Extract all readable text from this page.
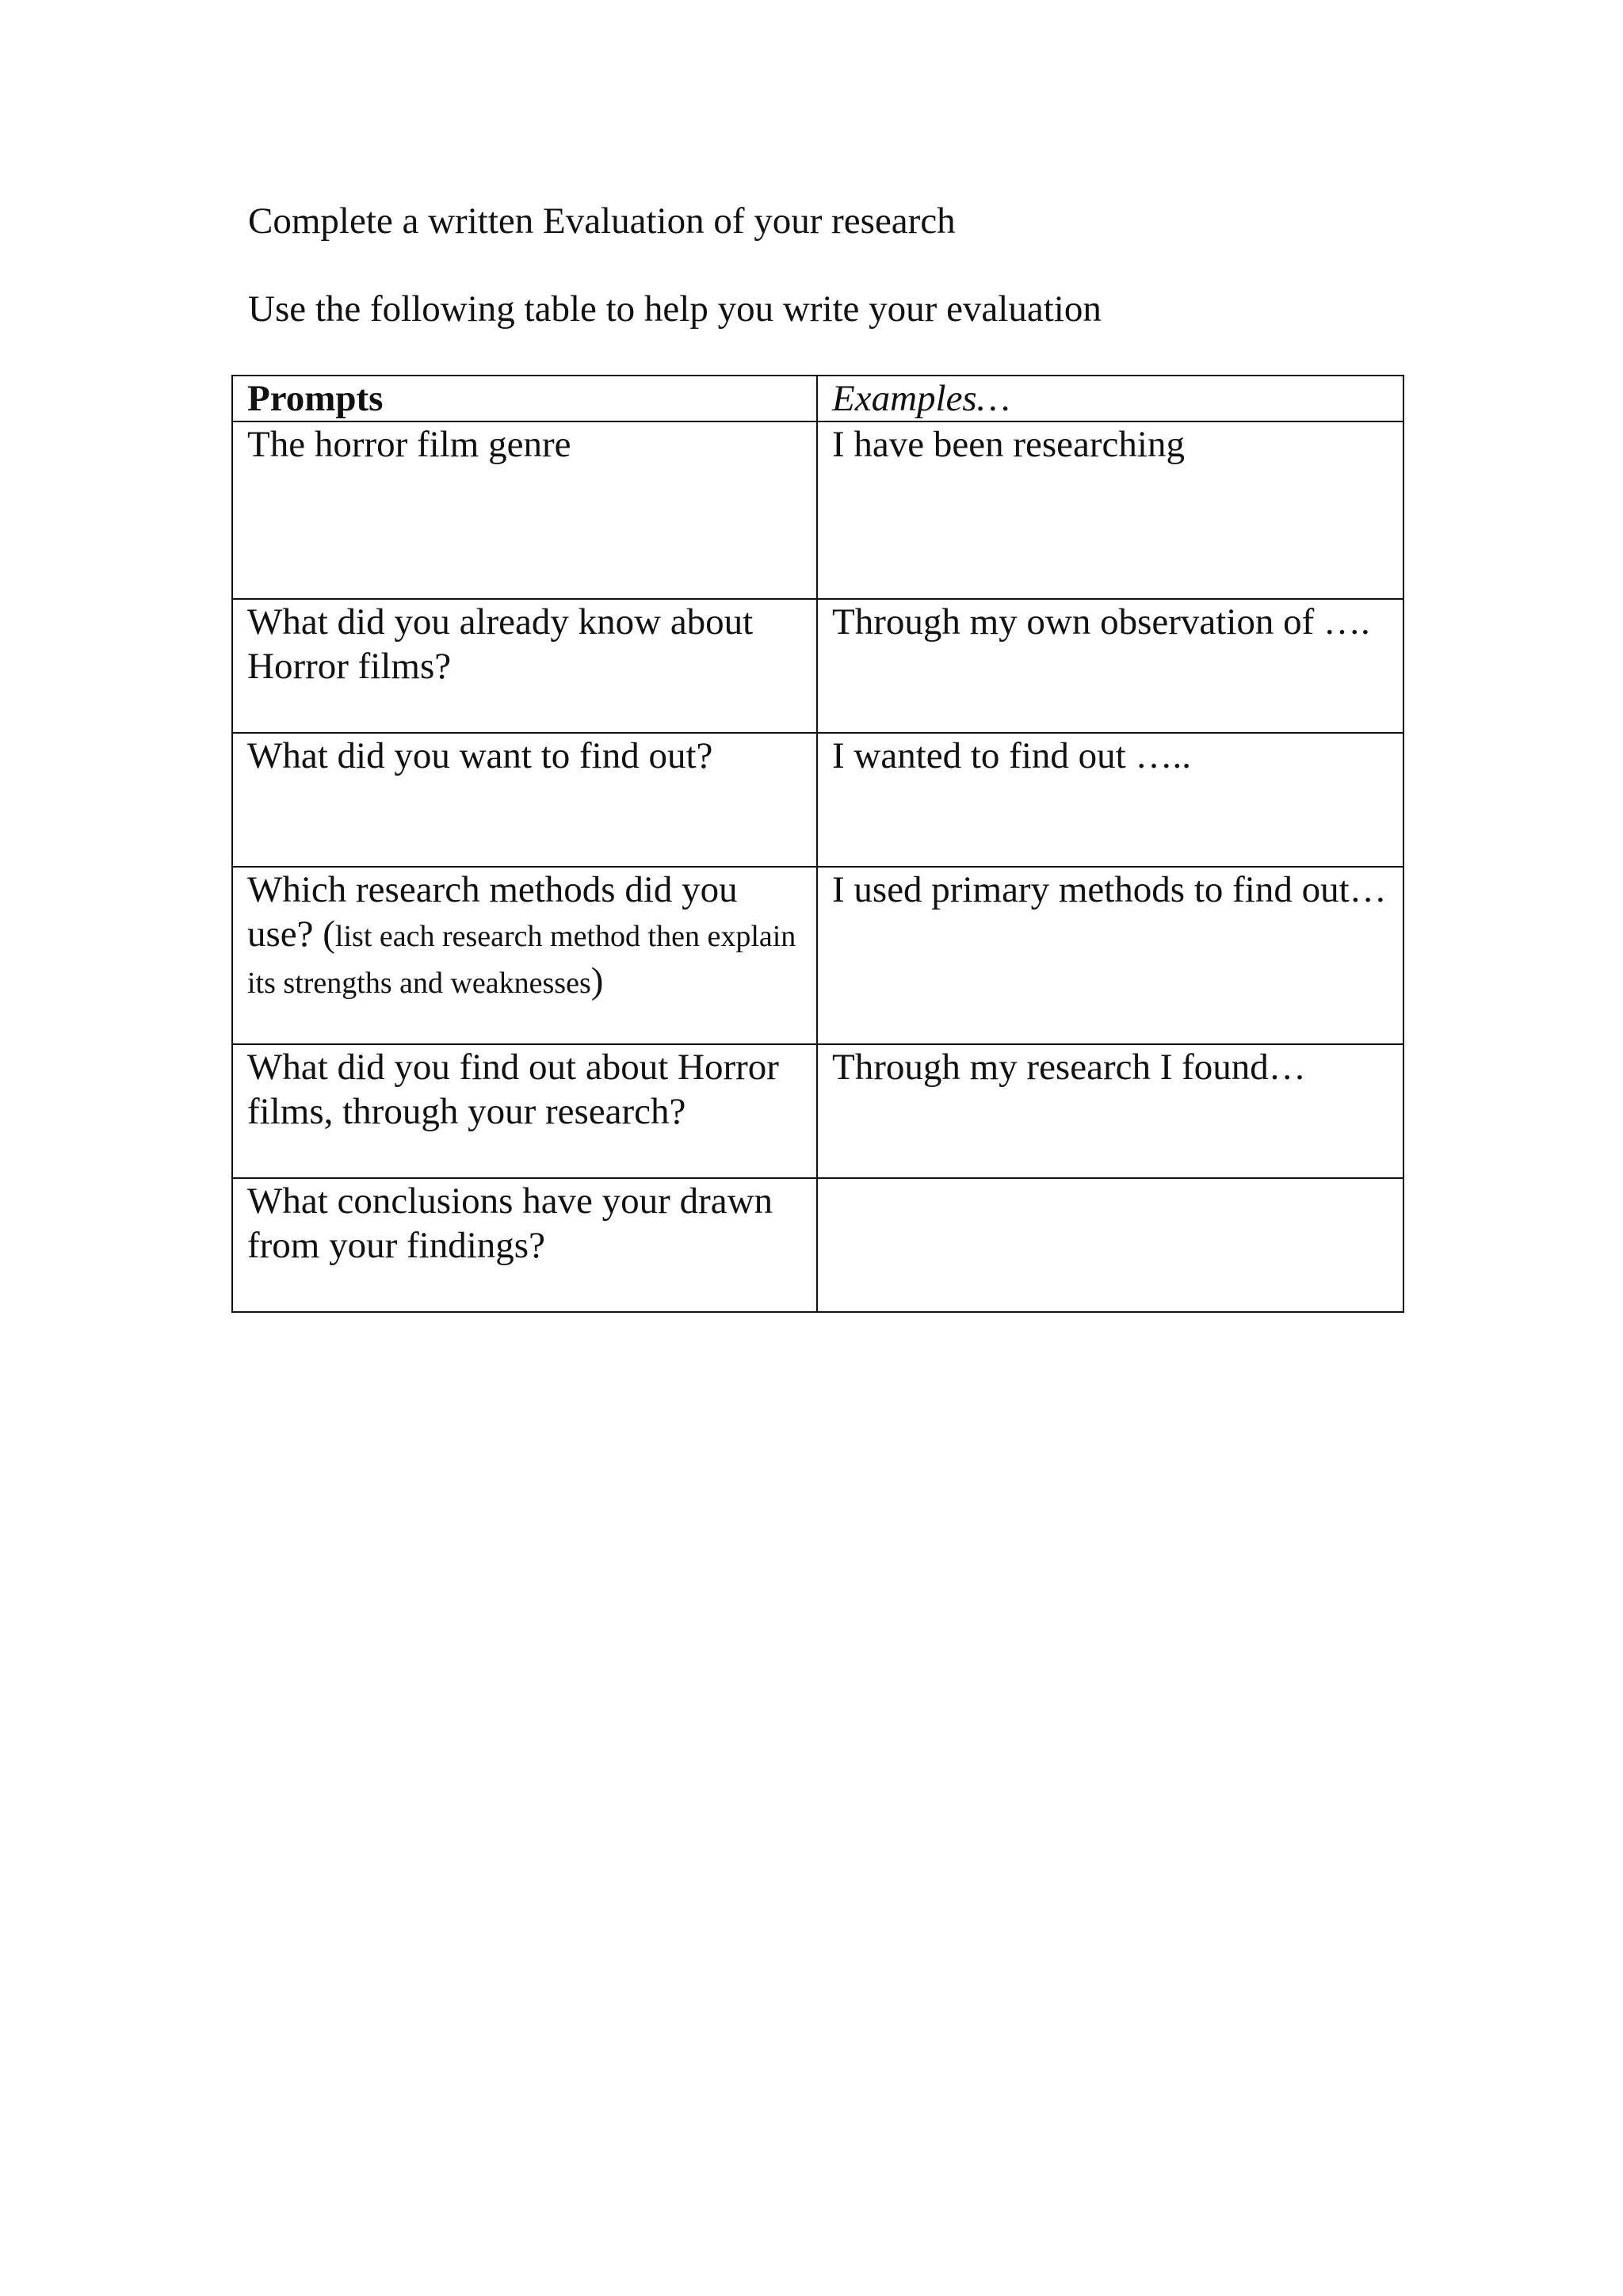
Complete a written Evaluation of your research

Use the following table to help you write your evaluation

Prompts	Examples…
The horror film genre	I have been researching
What did you already know about Horror films?	Through my own observation of ….
What did you want to find out?	I wanted to find out …..
Which research methods did you use? (list each research method then explain its strengths and weaknesses)	I used primary methods to find out…
What did you find out about Horror films, through your research?	Through my research I found…
What conclusions have your drawn from your findings?	
